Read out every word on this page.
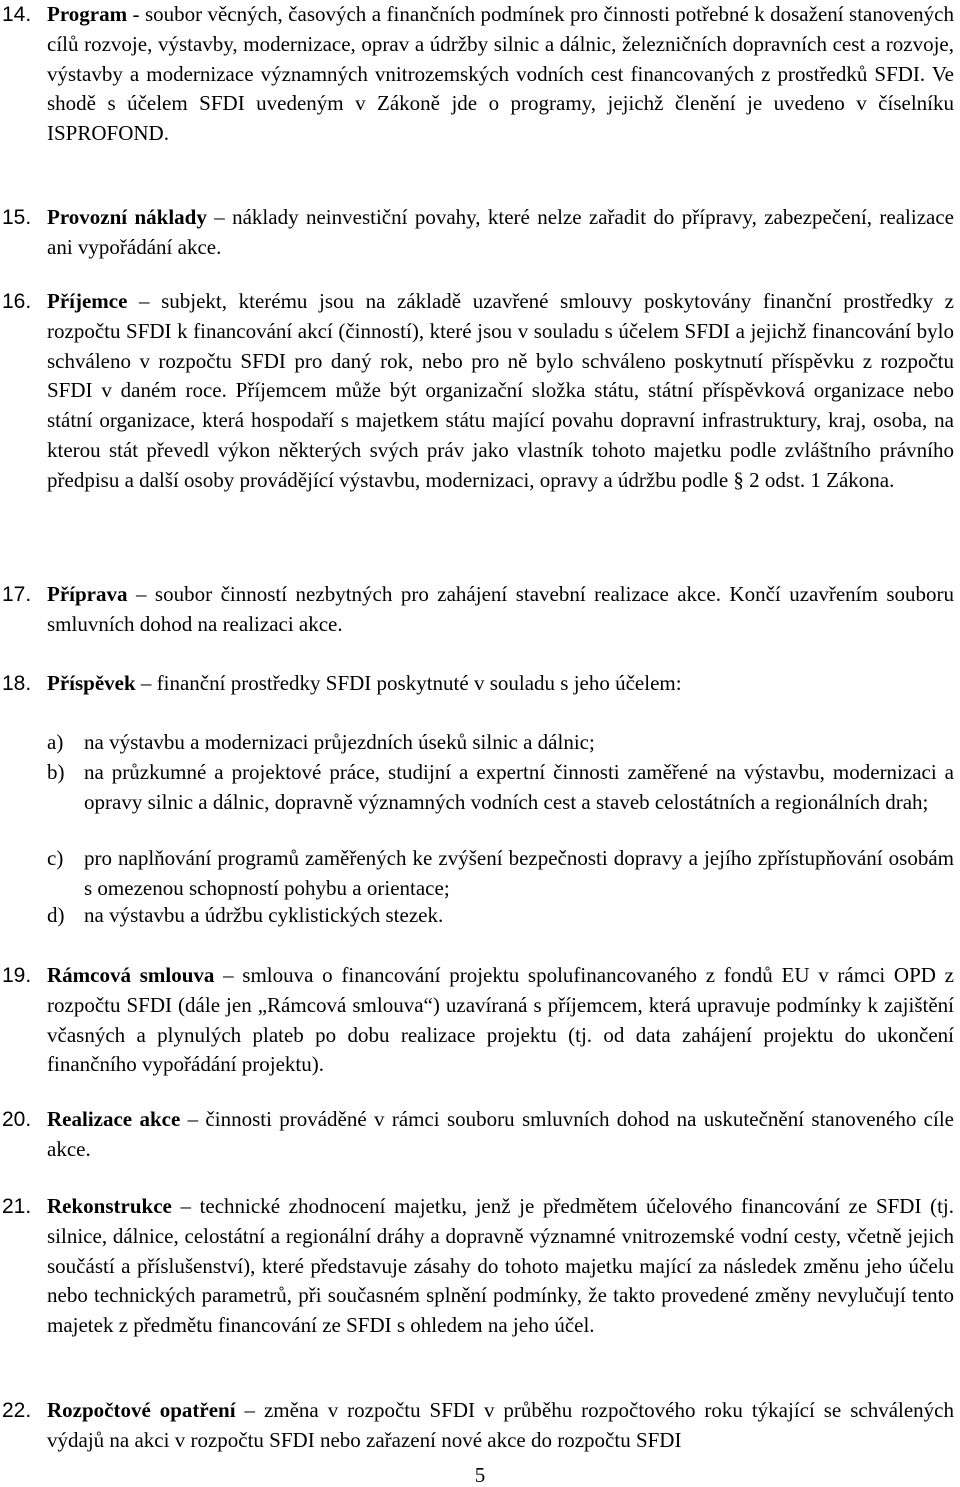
14. Program - soubor věcných, časových a finančních podmínek pro činnosti potřebné k dosažení stanovených cílů rozvoje, výstavby, modernizace, oprav a údržby silnic a dálnic, železničních dopravních cest a rozvoje, výstavby a modernizace významných vnitrozemských vodních cest financovaných z prostředků SFDI. Ve shodě s účelem SFDI uvedeným v Zákoně jde o programy, jejichž členění je uvedeno v číselníku ISPROFOND.
15. Provozní náklady – náklady neinvestiční povahy, které nelze zařadit do přípravy, zabezpečení, realizace ani vypořádání akce.
16. Příjemce – subjekt, kterému jsou na základě uzavřené smlouvy poskytovány finanční prostředky z rozpočtu SFDI k financování akcí (činností), které jsou v souladu s účelem SFDI a jejichž financování bylo schváleno v rozpočtu SFDI pro daný rok, nebo pro ně bylo schváleno poskytnutí příspěvku z rozpočtu SFDI v daném roce. Příjemcem může být organizační složka státu, státní příspěvková organizace nebo státní organizace, která hospodaří s majetkem státu mající povahu dopravní infrastruktury, kraj, osoba, na kterou stát převedl výkon některých svých práv jako vlastník tohoto majetku podle zvláštního právního předpisu a další osoby provádějící výstavbu, modernizaci, opravy a údržbu podle § 2 odst. 1 Zákona.
17. Příprava – soubor činností nezbytných pro zahájení stavební realizace akce. Končí uzavřením souboru smluvních dohod na realizaci akce.
18. Příspěvek – finanční prostředky SFDI poskytnuté v souladu s jeho účelem:
a) na výstavbu a modernizaci průjezdních úseků silnic a dálnic;
b) na průzkumné a projektové práce, studijní a expertní činnosti zaměřené na výstavbu, modernizaci a opravy silnic a dálnic, dopravně významných vodních cest a staveb celostátních a regionálních drah;
c) pro naplňování programů zaměřených ke zvýšení bezpečnosti dopravy a jejího zpřístupňování osobám s omezenou schopností pohybu a orientace;
d) na výstavbu a údržbu cyklistických stezek.
19. Rámcová smlouva – smlouva o financování projektu spolufinancovaného z fondů EU v rámci OPD z rozpočtu SFDI (dále jen „Rámcová smlouva“) uzavíraná s příjemcem, která upravuje podmínky k zajištění včasných a plynulých plateb po dobu realizace projektu (tj. od data zahájení projektu do ukončení finančního vypořádání projektu).
20. Realizace akce – činnosti prováděné v rámci souboru smluvních dohod na uskutečnění stanoveného cíle akce.
21. Rekonstrukce – technické zhodnocení majetku, jenž je předmětem účelového financování ze SFDI (tj. silnice, dálnice, celostátní a regionální dráhy a dopravně významné vnitrozemské vodní cesty, včetně jejich součástí a příslušenství), které představuje zásahy do tohoto majetku mající za následek změnu jeho účelu nebo technických parametrů, při současném splnění podmínky, že takto provedené změny nevylučují tento majetek z předmětu financování ze SFDI s ohledem na jeho účel.
22. Rozpočtové opatření – změna v rozpočtu SFDI v průběhu rozpočtového roku týkající se schválených výdajů na akci v rozpočtu SFDI nebo zařazení nové akce do rozpočtu SFDI
5
